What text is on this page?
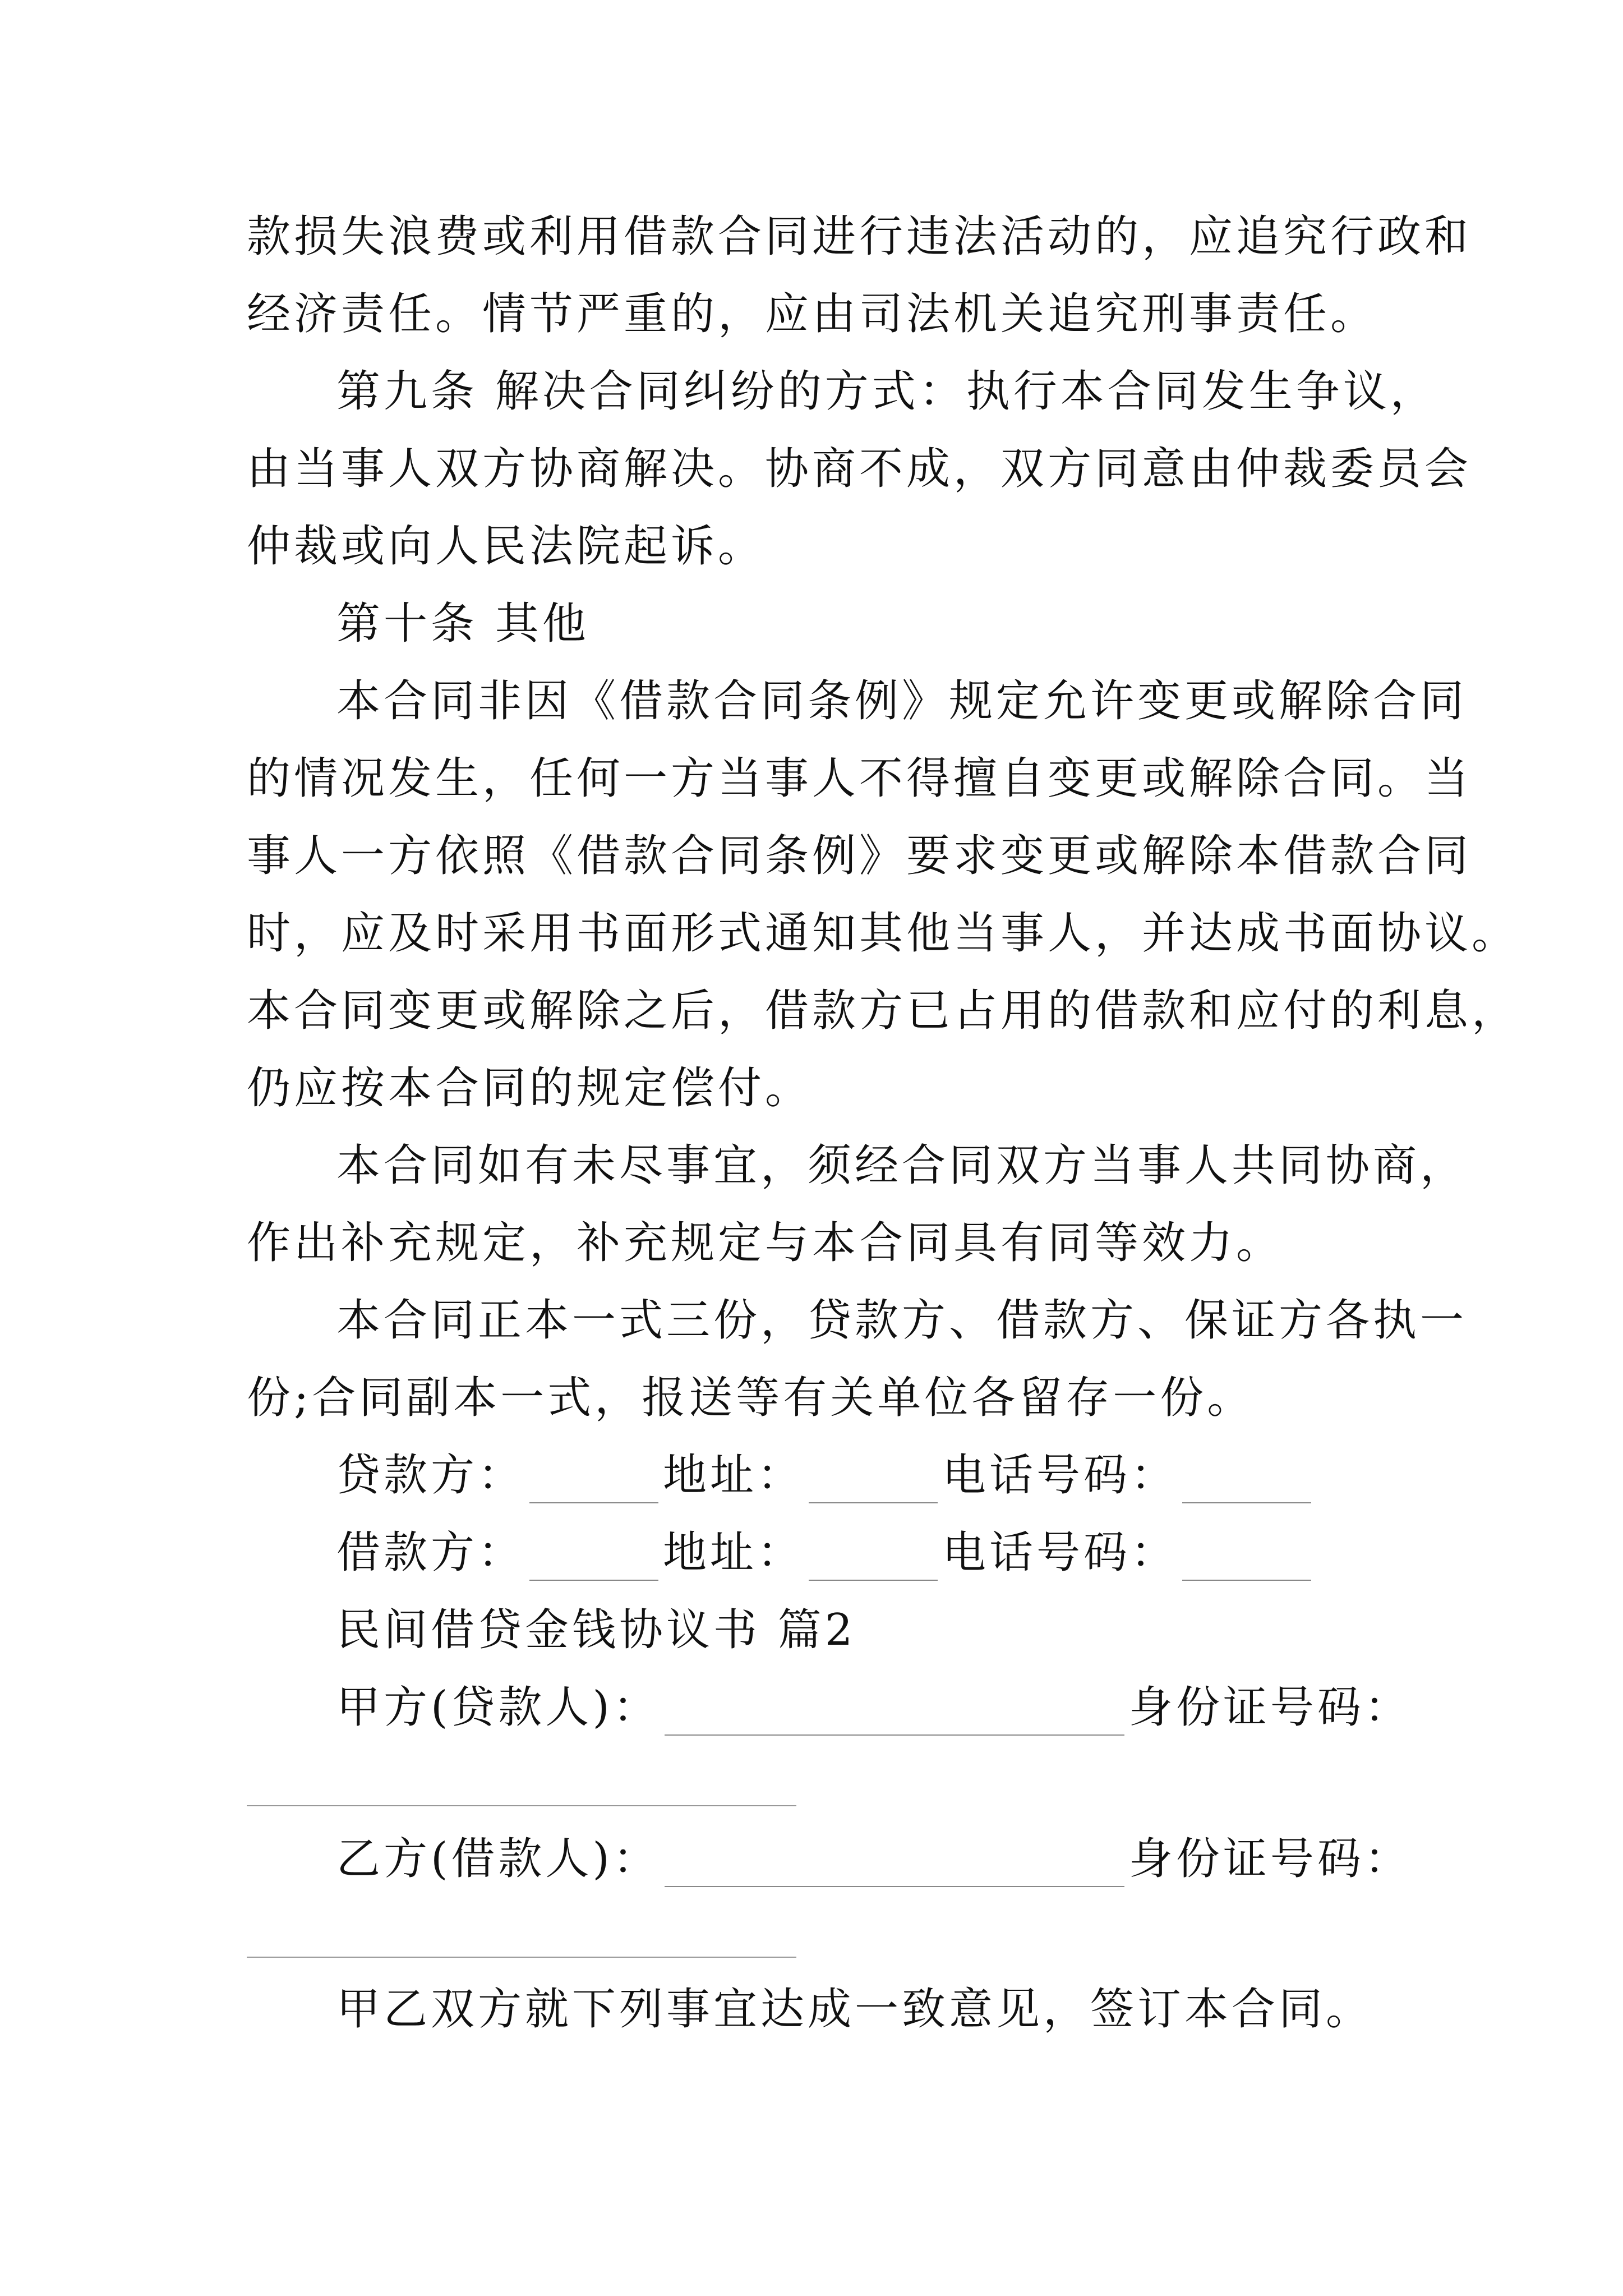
款损失浪费或利用借款合同进行违法活动的，应追究行政和
经济责任。情节严重的，应由司法机关追究刑事责任。
第九条 解决合同纠纷的方式：执行本合同发生争议，
由当事人双方协商解决。协商不成，双方同意由仲裁委员会
仲裁或向人民法院起诉。
第十条 其他
本合同非因《借款合同条例》规定允许变更或解除合同
的情况发生，任何一方当事人不得擅自变更或解除合同。当
事人一方依照《借款合同条例》要求变更或解除本借款合同
时，应及时采用书面形式通知其他当事人，并达成书面协议。
本合同变更或解除之后，借款方已占用的借款和应付的利息，
仍应按本合同的规定偿付。
本合同如有未尽事宜，须经合同双方当事人共同协商，
作出补充规定，补充规定与本合同具有同等效力。
本合同正本一式三份，贷款方、借款方、保证方各执一
份;合同副本一式，报送等有关单位各留存一份。
贷款方：	地址：	电话号码：
借款方：	地址：	电话号码：
民间借贷金钱协议书 篇2
甲方(贷款人)：	身份证号码：
乙方(借款人)：	身份证号码：
甲乙双方就下列事宜达成一致意见，签订本合同。
